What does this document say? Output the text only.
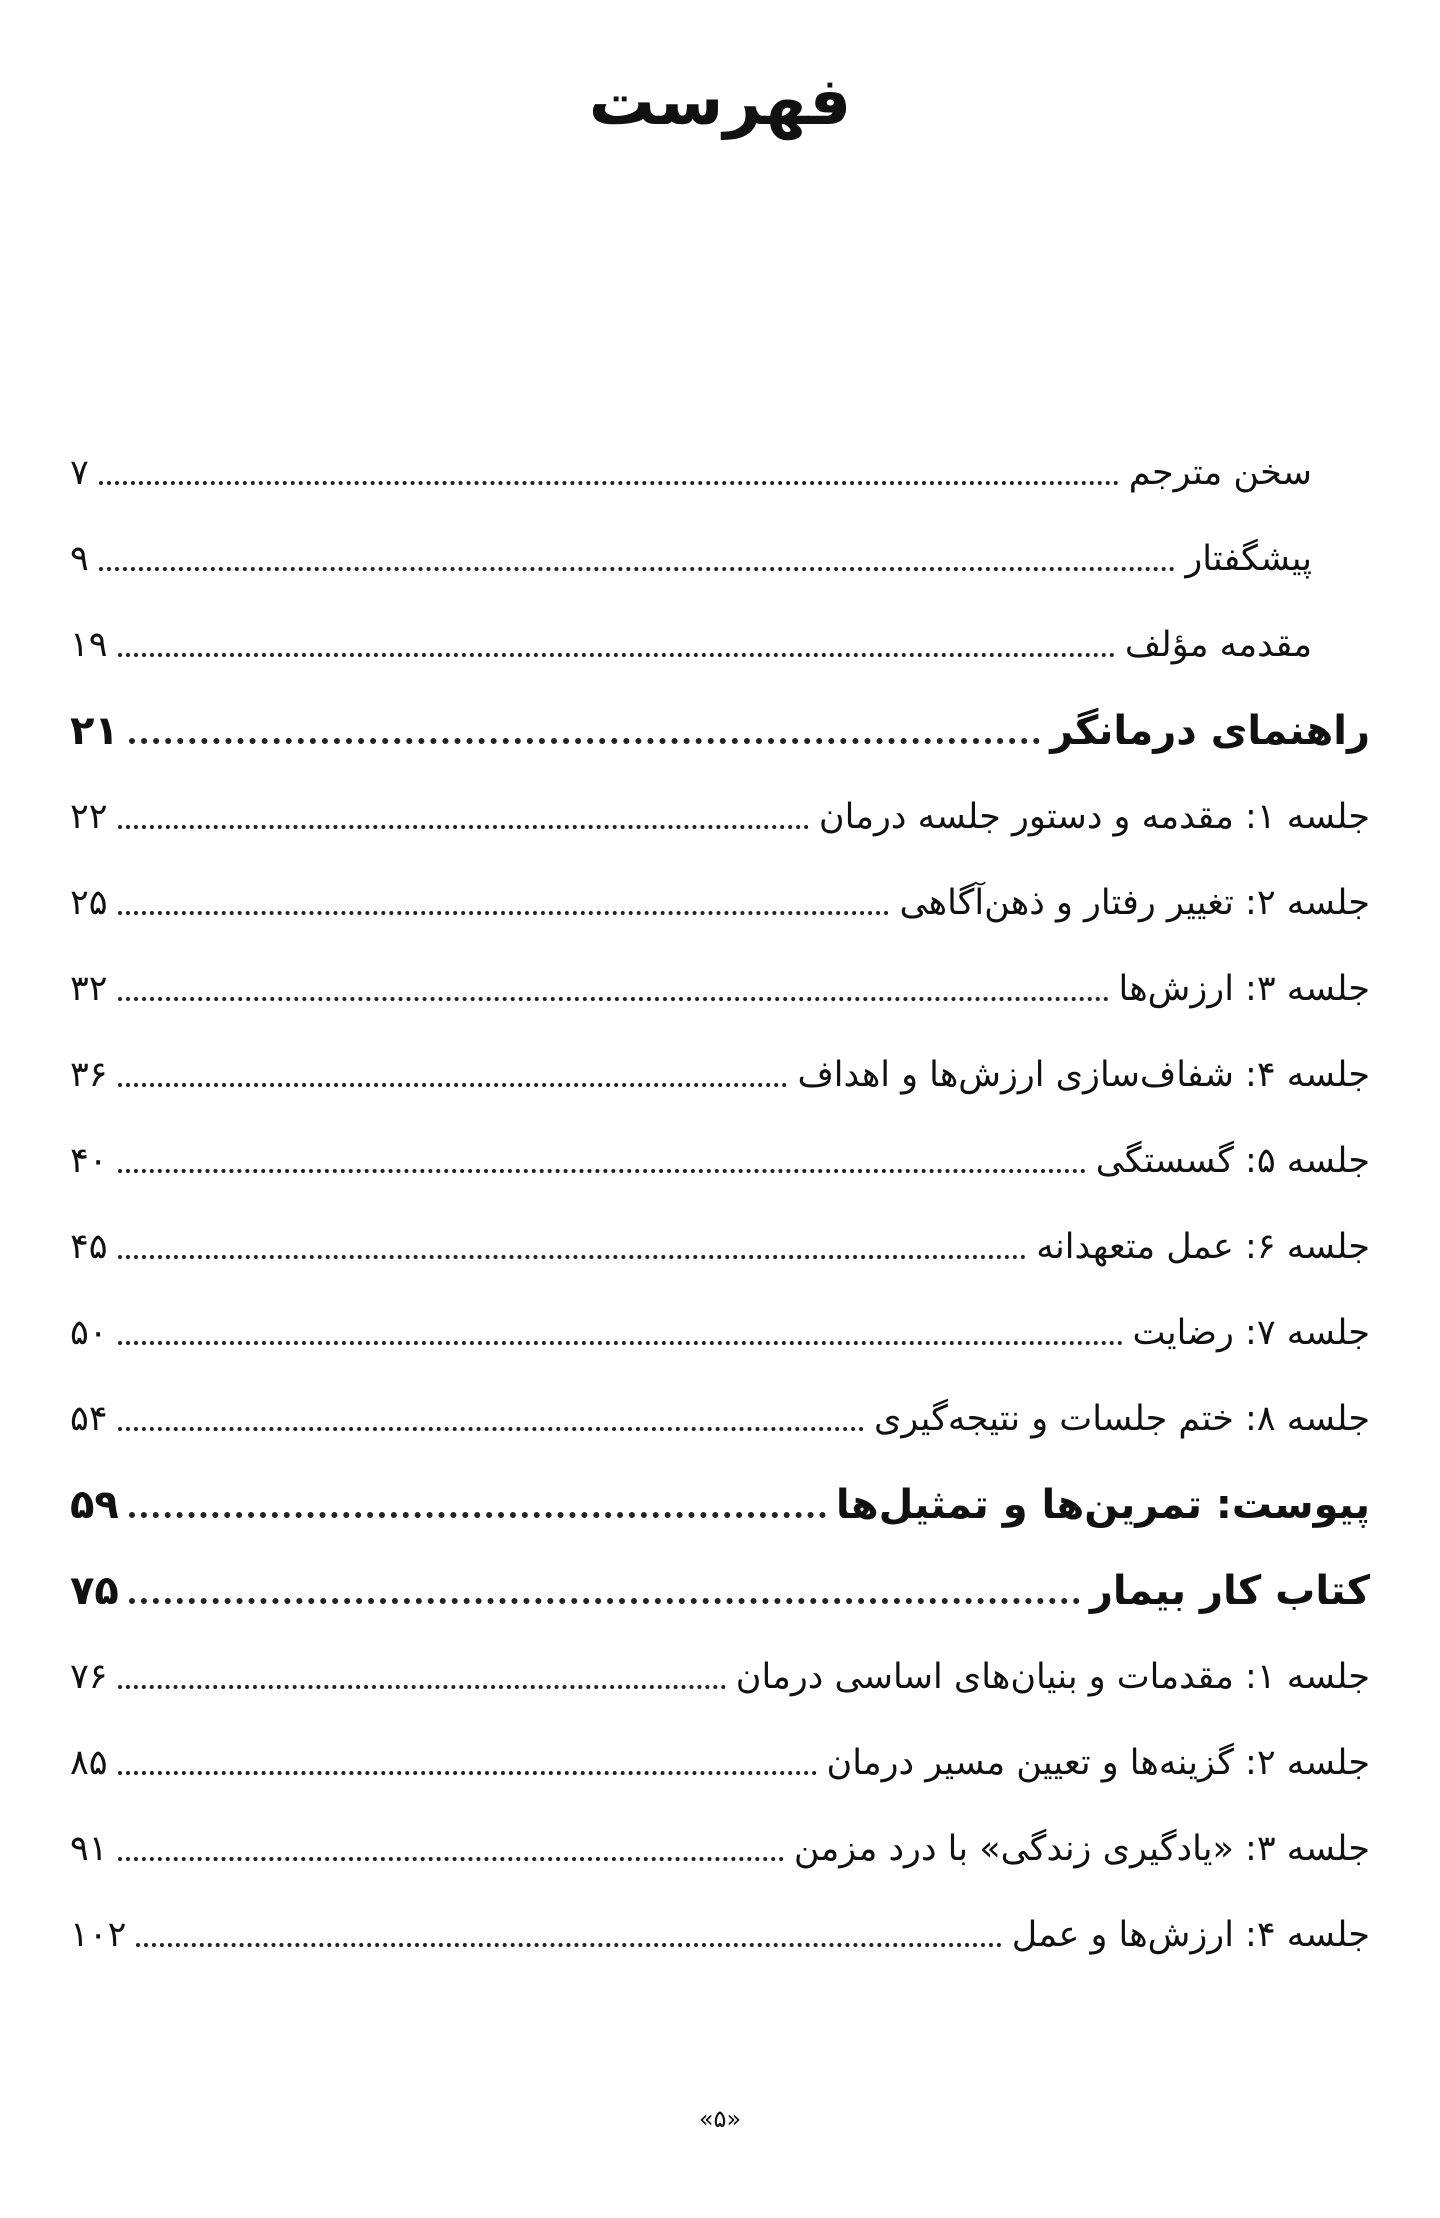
فهرست
سخن مترجم
۷
پیشگفتار
۹
مقدمه مؤلف
۱۹
راهنمای درمانگر
۲۱
جلسه ۱: مقدمه و دستور جلسه درمان
۲۲
جلسه ۲: تغییر رفتار و ذهن‌آگاهی
۲۵
جلسه ۳: ارزش‌ها
۳۲
جلسه ۴: شفاف‌سازی ارزش‌ها و اهداف
۳۶
جلسه ۵: گسستگی
۴۰
جلسه ۶: عمل متعهدانه
۴۵
جلسه ۷: رضایت
۵۰
جلسه ۸: ختم جلسات و نتیجه‌گیری
۵۴
پیوست: تمرین‌ها و تمثیل‌ها
۵۹
کتاب کار بیمار
۷۵
جلسه ۱: مقدمات و بنیان‌های اساسی درمان
۷۶
جلسه ۲: گزینه‌ها و تعیین مسیر درمان
۸۵
جلسه ۳: «یادگیری زندگی» با درد مزمن
۹۱
جلسه ۴: ارزش‌ها و عمل
۱۰۲
«۵»
